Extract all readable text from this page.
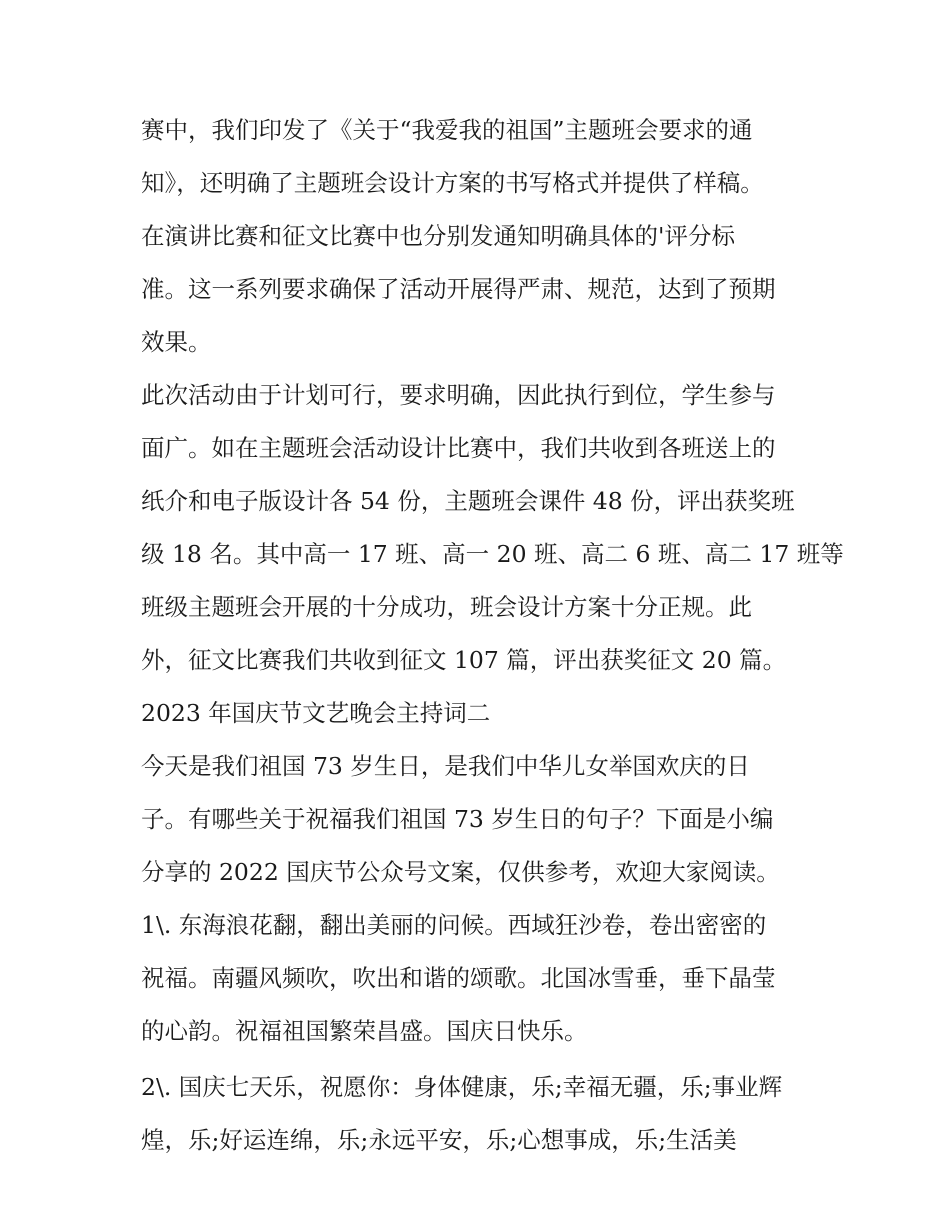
赛中，我们印发了《关于“我爱我的祖国”主题班会要求的通
知》，还明确了主题班会设计方案的书写格式并提供了样稿。
在演讲比赛和征文比赛中也分别发通知明确具体的'评分标
准。这一系列要求确保了活动开展得严肃、规范，达到了预期
效果。
此次活动由于计划可行，要求明确，因此执行到位，学生参与
面广。如在主题班会活动设计比赛中，我们共收到各班送上的
纸介和电子版设计各 54 份，主题班会课件 48 份，评出获奖班
级 18 名。其中高一 17 班、高一 20 班、高二 6 班、高二 17 班等
班级主题班会开展的十分成功，班会设计方案十分正规。此
外，征文比赛我们共收到征文 107 篇，评出获奖征文 20 篇。
2023 年国庆节文艺晚会主持词二
今天是我们祖国 73 岁生日，是我们中华儿女举国欢庆的日
子。有哪些关于祝福我们祖国 73 岁生日的句子？下面是小编
分享的 2022 国庆节公众号文案，仅供参考，欢迎大家阅读。
1\. 东海浪花翻，翻出美丽的问候。西域狂沙卷，卷出密密的
祝福。南疆风频吹，吹出和谐的颂歌。北国冰雪垂，垂下晶莹
的心韵。祝福祖国繁荣昌盛。国庆日快乐。
2\. 国庆七天乐，祝愿你：身体健康，乐;幸福无疆，乐;事业辉
煌，乐;好运连绵，乐;永远平安，乐;心想事成，乐;生活美
